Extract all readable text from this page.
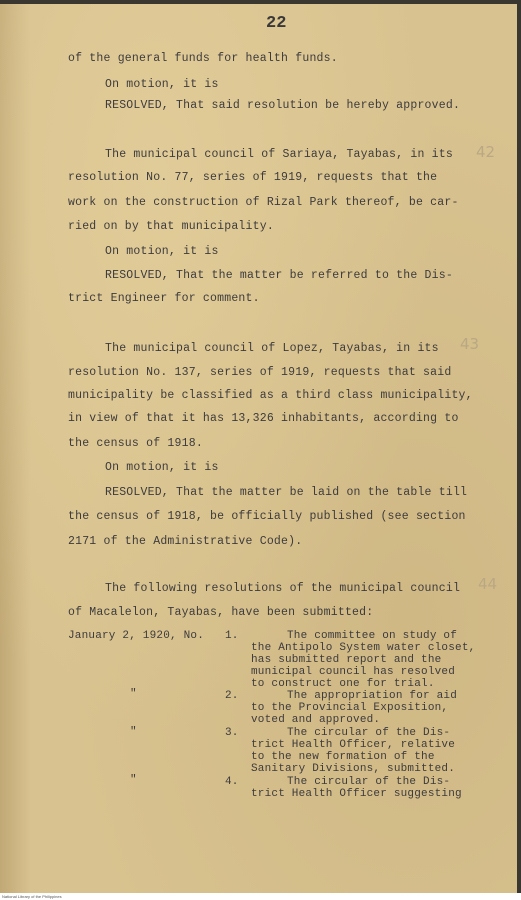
22
of the general funds for health funds.
On motion, it is
RESOLVED, That said resolution be hereby approved.
The municipal council of Sariaya, Tayabas, in its 42
resolution No. 77, series of 1919, requests that the
work on the construction of Rizal Park thereof, be car-
ried on by that municipality.
On motion, it is
RESOLVED, That the matter be referred to the Dis-
trict Engineer for comment.
The municipal council of Lopez, Tayabas, in its 43
resolution No. 137, series of 1919, requests that said
municipality be classified as a third class municipality,
in view of that it has 13,326 inhabitants, according to
the census of 1918.
On motion, it is
RESOLVED, That the matter be laid on the table till
the census of 1918, be officially published (see section
2171 of the Administrative Code).
The following resolutions of the municipal council 44
of Macalelon, Tayabas, have been submitted:
January 2, 1920, No. 1.	The committee on study of
the Antipolo System water closet,
has submitted report and the
municipal council has resolved
to construct one for trial.
"	2.	The appropriation for aid
to the Provincial Exposition,
voted and approved.
"	3.	The circular of the Dis-
trict Health Officer, relative
to the new formation of the
Sanitary Divisions, submitted.
"	4.	The circular of the Dis-
trict Health Officer suggesting
National Library of the Philippines
